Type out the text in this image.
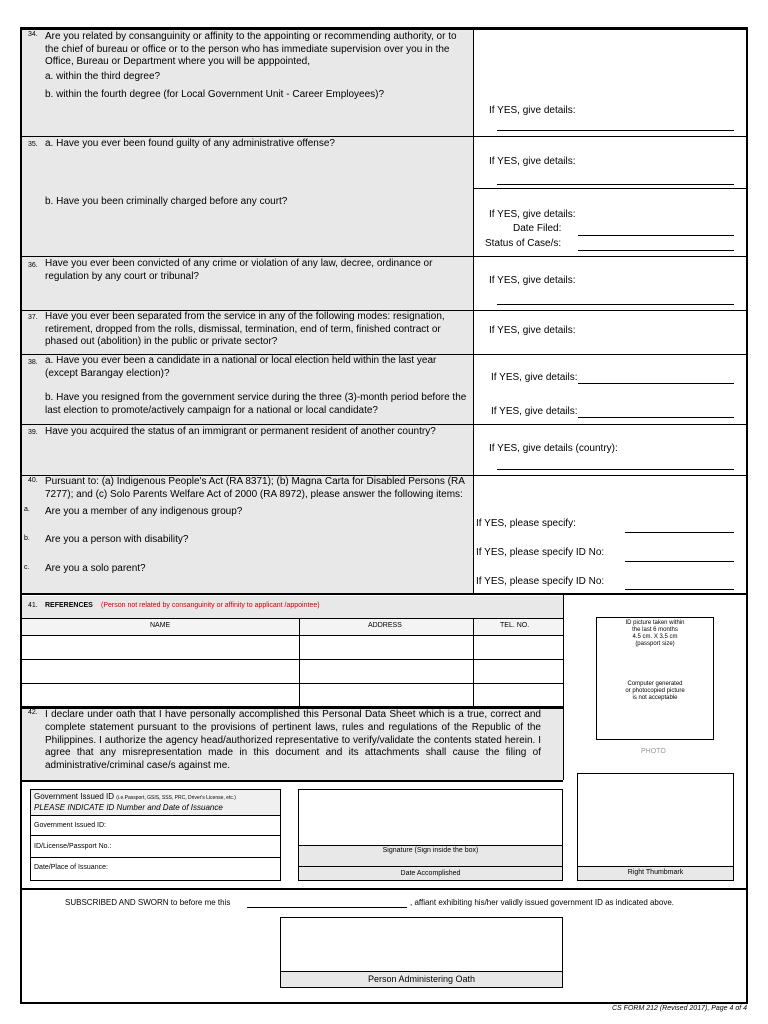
34. Are you related by consanguinity or affinity to the appointing or recommending authority, or to the chief of bureau or office or to the person who has immediate supervision over you in the Office, Bureau or Department where you will be apppointed,
a. within the third degree?
b. within the fourth degree (for Local Government Unit - Career Employees)?
If YES, give details:
35. a. Have you ever been found guilty of any administrative offense?
If YES, give details:
b. Have you been criminally charged before any court?
If YES, give details:
Date Filed:
Status of Case/s:
36. Have you ever been convicted of any crime or violation of any law, decree, ordinance or regulation by any court or tribunal?	If YES, give details:
37. Have you ever been separated from the service in any of the following modes: resignation, retirement, dropped from the rolls, dismissal, termination, end of term, finished contract or phased out (abolition) in the public or private sector?
If YES, give details:
38. a. Have you ever been a candidate in a national or local election held within the last year (except Barangay election)?	If YES, give details:
b. Have you resigned from the government service during the three (3)-month period before the last election to promote/actively campaign for a national or local candidate?	If YES, give details:
39. Have you acquired the status of an immigrant or permanent resident of another country?
If YES, give details (country):
40. Pursuant to: (a) Indigenous People's Act (RA 8371); (b) Magna Carta for Disabled Persons (RA 7277); and (c) Solo Parents Welfare Act of 2000 (RA 8972), please answer the following items:
a. Are you a member of any indigenous group?
If YES, please specify:
b. Are you a person with disability?
If YES, please specify ID No:
c. Are you a solo parent?
If YES, please specify ID No:
41. REFERENCES (Person not related by consanguinity or affinity to applicant /appointee)
NAME	ADDRESS	TEL. NO.	ID picture taken within
the last 6 months
4.5 cm. X 3.5 cm
(passport size)
Computer generated
or photocopied picture
is not acceptable
PHOTO
42. I declare under oath that I have personally accomplished this Personal Data Sheet which is a true, correct and complete statement pursuant to the provisions of pertinent laws, rules and regulations of the Republic of the Philippines. I authorize the agency head/authorized representative to verify/validate the contents stated herein. I agree that any misrepresentation made in this document and its attachments shall cause the filing of administrative/criminal case/s against me.
Government Issued ID (i.e.Passport, GSIS, SSS, PRC, Driver's License, etc.)
PLEASE INDICATE ID Number and Date of Issuance
Government Issued ID:
ID/License/Passport No.:
Date/Place of Issuance:
Signature (Sign inside the box)
Date Accomplished	Right Thumbmark
SUBSCRIBED AND SWORN to before me this	, affiant exhibiting his/her validly issued government ID as indicated above.
Person Administering Oath
CS FORM 212 (Revised 2017), Page 4 of 4
